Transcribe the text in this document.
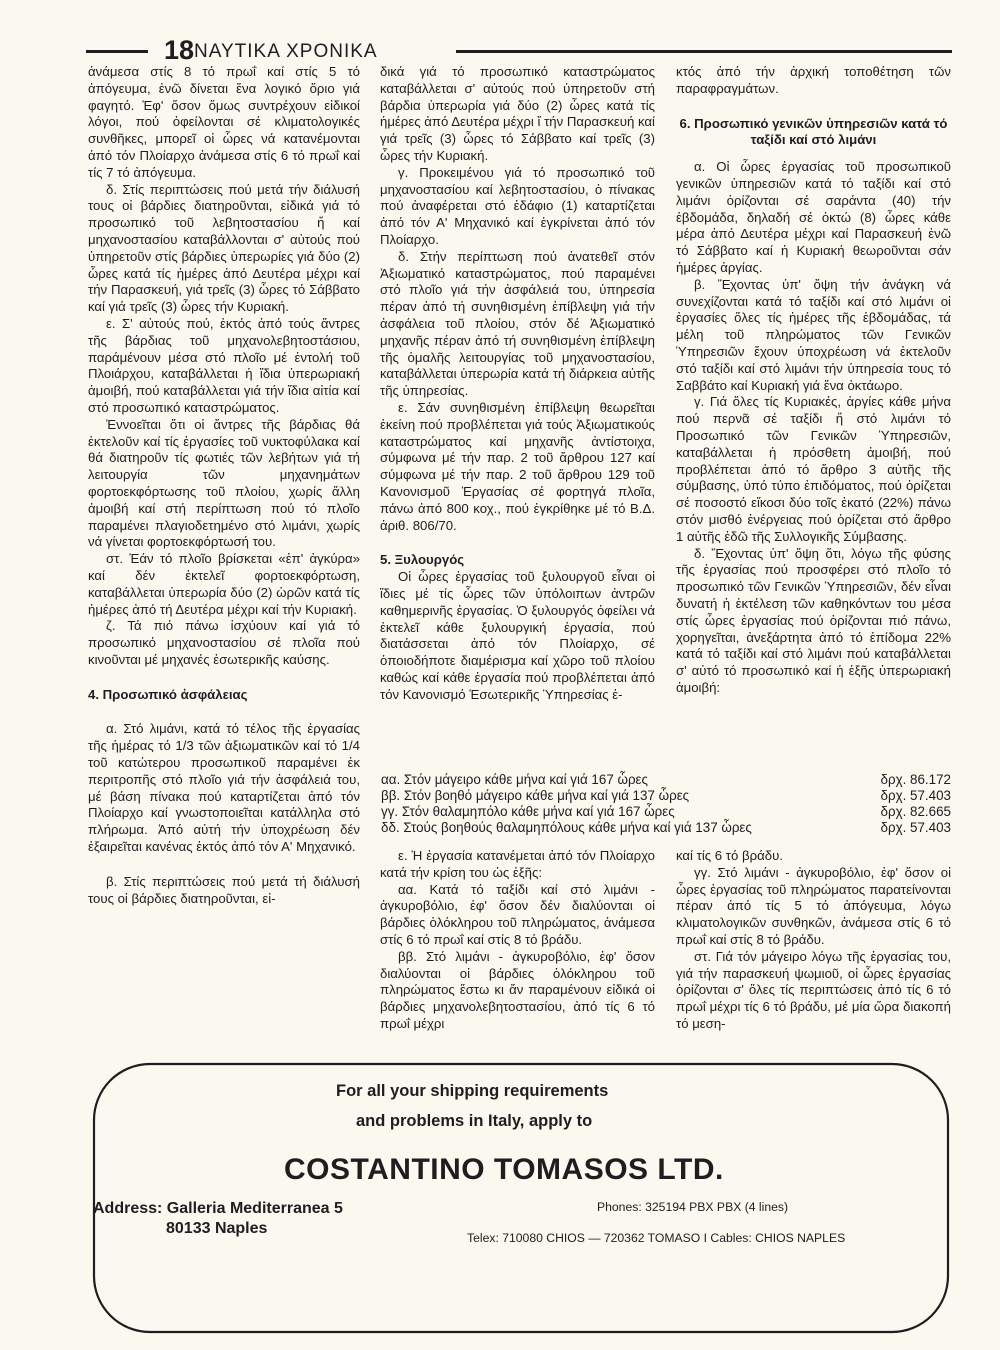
18 ΝΑΥΤΙΚΑ ΧΡΟΝΙΚΑ

ἀνάμεσα στίς 8 τό πρωΐ καί στίς 5 τό ἀπόγευμα, ἐνῶ δίνεται ἕνα λογικό ὅριο γιά φαγητό. Ἐφ' ὅσον ὅμως συντρέχουν εἰδικοί λόγοι, πού ὀφείλονται σέ κλιματολογικές συνθῆκες, μπορεῖ οἱ ὧρες νά κατανέμονται ἀπό τόν Πλοίαρχο ἀνάμεσα στίς 6 τό πρωΐ καί τίς 7 τό ἀπόγευμα.

δ. Στίς περιπτώσεις πού μετά τήν διάλυσή τους οἱ βάρδιες διατηροῦνται, εἰδικά γιά τό προσωπικό τοῦ λεβητοστασίου ἤ καί μηχανοστασίου καταβάλλονται σ' αὐτούς πού ὑπηρετοῦν στίς βάρδιες ὑπερωρίες γιά δύο (2) ὧρες κατά τίς ἡμέρες ἀπό Δευτέρα μέχρι καί τήν Παρασκευή, γιά τρεῖς (3) ὧρες τό Σάββατο καί γιά τρεῖς (3) ὧρες τήν Κυριακή.

ε. Σ' αὐτούς πού, ἐκτός ἀπό τούς ἄντρες τῆς βάρδιας τοῦ μηχανολεβητοστάσιου, παράμένουν μέσα στό πλοῖο μέ ἐντολή τοῦ Πλοιάρχου, καταβάλλεται ἡ ἴδια ὑπερωριακή ἀμοιβή, πού καταβάλλεται γιά τήν ἴδια αἰτία καί στό προσωπικό καταστρώματος.

Ἐννοεῖται ὅτι οἱ ἄντρες τῆς βάρδιας θά ἐκτελοῦν καί τίς ἐργασίες τοῦ νυκτοφύλακα καί θά διατηροῦν τίς φωτιές τῶν λεβήτων γιά τή λειτουργία τῶν μηχανημάτων φορτοεκφόρτωσης τοῦ πλοίου, χωρίς ἄλλη ἀμοιβή καί στή περίπτωση πού τό πλοῖο παραμένει πλαγιοδετημένο στό λιμάνι, χωρίς νά γίνεται φορτοεκφόρτωσή του.

στ. Ἐάν τό πλοῖο βρίσκεται «ἐπ' ἀγκύρα» καί δέν ἐκτελεῖ φορτοεκφόρτωση, καταβάλλεται ὑπερωρία δύο (2) ὡρῶν κατά τίς ἡμέρες ἀπό τή Δευτέρα μέχρι καί τήν Κυριακή.

ζ. Τά πιό πάνω ἰσχύουν καί γιά τό προσωπικό μηχανοστασίου σέ πλοῖα πού κινοῦνται μέ μηχανές ἐσωτερικῆς καύσης.

4. Προσωπικό ἀσφάλειας

α. Στό λιμάνι, κατά τό τέλος τῆς ἐργασίας τῆς ἡμέρας τό 1/3 τῶν ἀξιωματικῶν καί τό 1/4 τοῦ κατώτερου προσωπικοῦ παραμένει ἐκ περιτροπῆς στό πλοῖο γιά τήν ἀσφάλειά του, μέ βάση πίνακα πού καταρτίζεται ἀπό τόν Πλοίαρχο καί γνωστοποιεῖται κατάλληλα στό πλήρωμα. Ἀπό αὐτή τήν ὑποχρέωση δέν ἐξαιρεῖται κανένας ἐκτός ἀπό τόν Α' Μηχανικό.

β. Στίς περιπτώσεις πού μετά τή διάλυσή τους οἱ βάρδιες διατηροῦνται, εἰ-

δικά γιά τό προσωπικό καταστρώματος καταβάλλεται σ' αὐτούς πού ὑπηρετοῦν στή βάρδια ὑπερωρία γιά δύο (2) ὧρες κατά τίς ἡμέρες ἀπό Δευτέρα μέχρι ἴ τήν Παρασκευή καί γιά τρεῖς (3) ὧρες τό Σάββατο καί τρεῖς (3) ὧρες τήν Κυριακή.

γ. Προκειμένου γιά τό προσωπικό τοῦ μηχανοστασίου καί λεβητοστασίου, ὁ πίνακας πού ἀναφέρεται στό ἐδάφιο (1) καταρτίζεται ἀπό τόν Α' Μηχανικό καί ἐγκρίνεται ἀπό τόν Πλοίαρχο.

δ. Στήν περίπτωση πού ἀνατεθεῖ στόν Ἀξιωματικό καταστρώματος, πού παραμένει στό πλοῖο γιά τήν ἀσφάλειά του, ὑπηρεσία πέραν ἀπό τή συνηθισμένη ἐπίβλεψη γιά τήν ἀσφάλεια τοῦ πλοίου, στόν δέ Ἀξιωματικό μηχανῆς πέραν ἀπό τή συνηθισμένη ἐπίβλεψη τῆς ὁμαλῆς λειτουργίας τοῦ μηχανοστασίου, καταβάλλεται ὑπερωρία κατά τή διάρκεια αὐτῆς τῆς ὑπηρεσίας.

ε. Σάν συνηθισμένη ἐπίβλεψη θεωρεῖται ἐκείνη πού προβλέπεται γιά τούς Ἀξιωματικούς καταστρώματος καί μηχανῆς ἀντίστοιχα, σύμφωνα μέ τήν παρ. 2 τοῦ ἄρθρου 127 καί σύμφωνα μέ τήν παρ. 2 τοῦ ἄρθρου 129 τοῦ Κανονισμοῦ Ἐργασίας σέ φορτηγά πλοῖα, πάνω ἀπό 800 κοχ., πού ἐγκρίθηκε μέ τό Β.Δ. ἀριθ. 806/70.

5. Ξυλουργός

Οἱ ὧρες ἐργασίας τοῦ ξυλουργοῦ εἶναι οἱ ἴδιες μέ τίς ὧρες τῶν ὑπόλοιπων ἀντρῶν καθημερινῆς ἐργασίας. Ὁ ξυλουργός ὀφείλει νά ἐκτελεῖ κάθε ξυλουργική ἐργασία, πού διατάσσεται ἀπό τόν Πλοίαρχο, σέ ὁποιοδήποτε διαμέρισμα καί χῶρο τοῦ πλοίου καθώς καί κάθε ἐργασία πού προβλέπεται ἀπό τόν Κανονισμό Ἐσωτερικῆς Ὑπηρεσίας ἐ-

κτός ἀπό τήν ἀρχική τοποθέτηση τῶν παραφραγμάτων.

6. Προσωπικό γενικῶν ὑπηρεσιῶν κατά τό ταξίδι καί στό λιμάνι

α. Οἱ ὧρες ἐργασίας τοῦ προσωπικοῦ γενικῶν ὑπηρεσιῶν κατά τό ταξίδι καί στό λιμάνι ὁρίζονται σέ σαράντα (40) τήν ἑβδομάδα, δηλαδή σέ ὀκτώ (8) ὧρες κάθε μέρα ἀπό Δευτέρα μέχρι καί Παρασκευή ἐνῶ τό Σάββατο καί ἡ Κυριακή θεωροῦνται σάν ἡμέρες ἀργίας.

β. Ἔχοντας ὑπ' ὄψη τήν ἀνάγκη νά συνεχίζονται κατά τό ταξίδι καί στό λιμάνι οἱ ἐργασίες ὅλες τίς ἡμέρες τῆς ἑβδομάδας, τά μέλη τοῦ πληρώματος τῶν Γενικῶν Ὑπηρεσιῶν ἔχουν ὑποχρέωση νά ἐκτελοῦν στό ταξίδι καί στό λιμάνι τήν ὑπηρεσία τους τό Σαββάτο καί Κυριακή γιά ἕνα ὀκτάωρο.

γ. Γιά ὅλες τίς Κυριακές, ἀργίες κάθε μήνα πού περνᾶ σέ ταξίδι ἤ στό λιμάνι τό Προσωπικό τῶν Γενικῶν Ὑπηρεσιῶν, καταβάλλεται ἡ πρόσθετη ἀμοιβή, πού προβλέπεται ἀπό τό ἄρθρο 3 αὐτῆς τῆς σύμβασης, ὑπό τύπο ἐπιδόματος, πού ὁρίζεται σέ ποσοστό εἴκοσι δύο τοῖς ἑκατό (22%) πάνω στόν μισθό ἐνέργειας πού ὁρίζεται στό ἄρθρο 1 αὐτῆς ἐδῶ τῆς Συλλογικῆς Σύμβασης.

δ. Ἔχοντας ὑπ' ὄψη ὅτι, λόγω τῆς φύσης τῆς ἐργασίας πού προσφέρει στό πλοῖο τό προσωπικό τῶν Γενικῶν Ὑπηρεσιῶν, δέν εἶναι δυνατή ἡ ἐκτέλεση τῶν καθηκόντων του μέσα στίς ὧρες ἐργασίας πού ὁρίζονται πιό πάνω, χορηγεῖται, ἀνεξάρτητα ἀπό τό ἐπίδομα 22% κατά τό ταξίδι καί στό λιμάνι πού καταβάλλεται σ' αὐτό τό προσωπικό καί ἡ ἑξῆς ὑπερωριακή ἀμοιβή:

αα. Στόν μάγειρο κάθε μήνα καί γιά 167 ὧρες	δρχ. 86.172
ββ. Στόν βοηθό μάγειρο κάθε μήνα καί γιά 137 ὧρες	δρχ. 57.403
γγ. Στόν θαλαμηπόλο κάθε μήνα καί γιά 167 ὧρες	δρχ. 82.665
δδ. Στούς βοηθούς θαλαμηπόλους κάθε μήνα καί γιά 137 ὧρες	δρχ. 57.403

ε. Ἡ ἐργασία κατανέμεται ἀπό τόν Πλοίαρχο κατά τήν κρίση του ὡς ἑξῆς:

αα. Κατά τό ταξίδι καί στό λιμάνι - ἀγκυροβόλιο, ἐφ' ὅσον δέν διαλύονται οἱ βάρδιες ὁλόκληρου τοῦ πληρώματος, ἀνάμεσα στίς 6 τό πρωΐ καί στίς 8 τό βράδυ.

ββ. Στό λιμάνι - ἀγκυροβόλιο, ἐφ' ὅσον διαλύονται οἱ βάρδιες ὁλόκληρου τοῦ πληρώματος ἔστω κι ἄν παραμένουν εἰδικά οἱ βάρδιες μηχανολεβητοστασίου, ἀπό τίς 6 τό πρωΐ μέχρι

καί τίς 6 τό βράδυ.

γγ. Στό λιμάνι - ἀγκυροβόλιο, ἐφ' ὅσον οἱ ὧρες ἐργασίας τοῦ πληρώματος παρατείνονται πέραν ἀπό τίς 5 τό ἀπόγευμα, λόγω κλιματολογικῶν συνθηκῶν, ἀνάμεσα στίς 6 τό πρωΐ καί στίς 8 τό βράδυ.

στ. Γιά τόν μάγειρο λόγω τῆς ἐργασίας του, γιά τήν παρασκευή ψωμιοῦ, οἱ ὧρες ἐργασίας ὁρίζονται σ' ὅλες τίς περιπτώσεις ἀπό τίς 6 τό πρωΐ μέχρι τίς 6 τό βράδυ, μέ μία ὥρα διακοπή τό μεση-

For all your shipping requirements
and problems in Italy, apply to
COSTANTINO TOMASOS LTD.
Address: Galleria Mediterranea 5
80133 Naples
Phones: 325194 PBX PBX (4 lines)
Telex: 710080 CHIOS — 720362 TOMASO I Cables: CHIOS NAPLES
